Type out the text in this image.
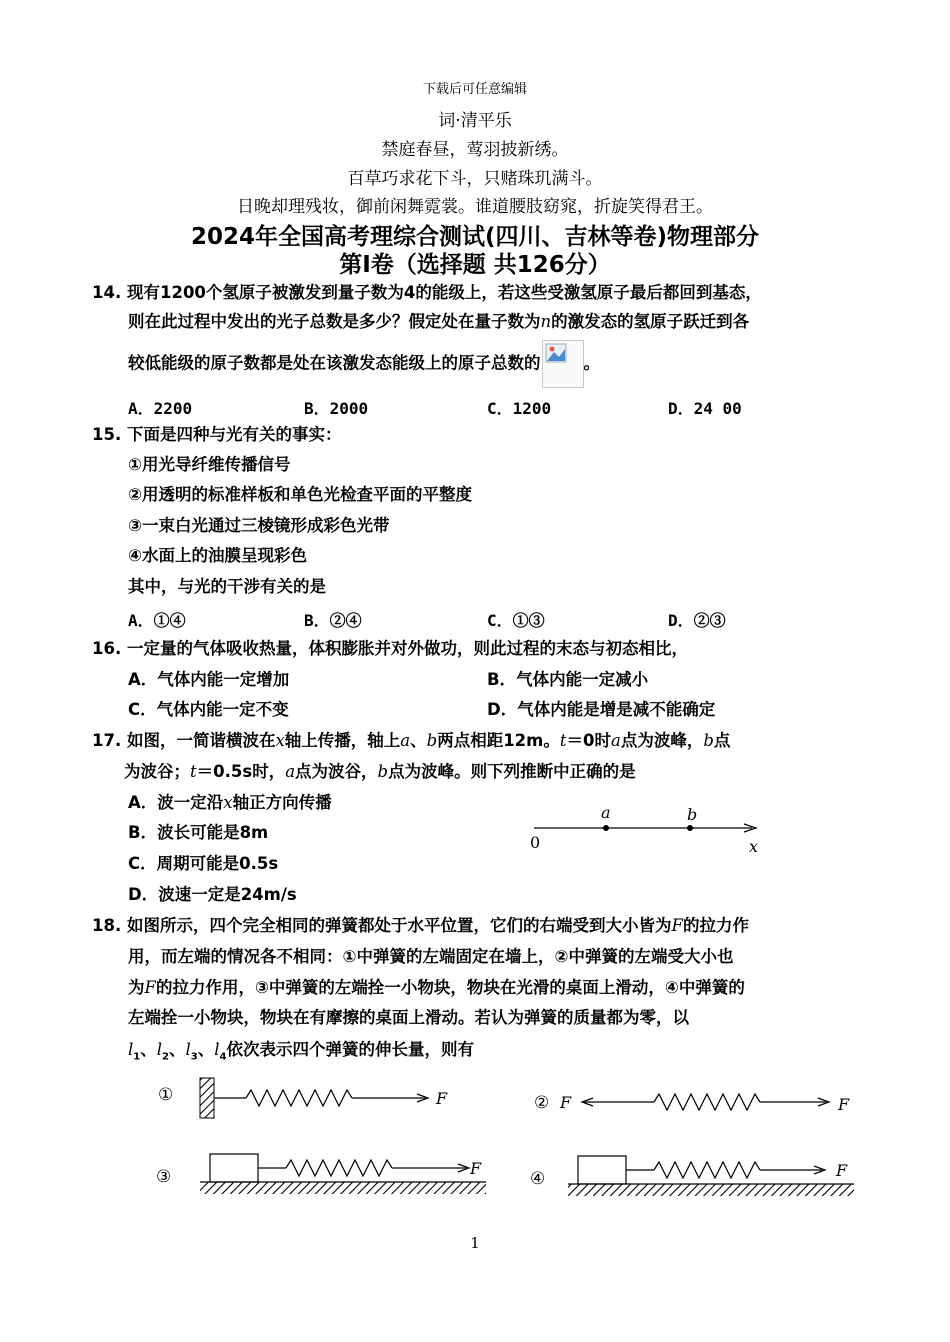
下载后可任意编辑
词·清平乐
禁庭春昼，莺羽披新绣。
百草巧求花下斗，只赌珠玑满斗。
日晚却理残妆，御前闲舞霓裳。谁道腰肢窈窕，折旋笑得君王。
2024年全国高考理综合测试(四川、吉林等卷)物理部分
第Ⅰ卷（选择题 共126分）
14. 现有1200个氢原子被激发到量子数为4的能级上，若这些受激氢原子最后都回到基态，
则在此过程中发出的光子总数是多少？假定处在量子数为n的激发态的氢原子跃迁到各
较低能级的原子数都是处在该激发态能级上的原子总数的	。
A．2200	B．2000	C．1200	D．24 00
15. 下面是四种与光有关的事实：
①用光导纤维传播信号
②用透明的标准样板和单色光检查平面的平整度
③一束白光通过三棱镜形成彩色光带
④水面上的油膜呈现彩色
其中，与光的干涉有关的是
A．①④	B．②④	C．①③	D．②③
16. 一定量的气体吸收热量，体积膨胀并对外做功，则此过程的末态与初态相比，
A．气体内能一定增加	B．气体内能一定减小
C．气体内能一定不变	D．气体内能是增是减不能确定
17. 如图，一简谐横波在x轴上传播，轴上a、b两点相距12m。t＝0时a点为波峰，b点
为波谷；t＝0.5s时，a点为波谷，b点为波峰。则下列推断中正确的是
A．波一定沿x轴正方向传播
B．波长可能是8m
C．周期可能是0.5s
D．波速一定是24m/s
0
a	b
x
18. 如图所示，四个完全相同的弹簧都处于水平位置，它们的右端受到大小皆为F的拉力作
用，而左端的情况各不相同：①中弹簧的左端固定在墙上，②中弹簧的左端受大小也
为F的拉力作用，③中弹簧的左端拴一小物块，物块在光滑的桌面上滑动，④中弹簧的
左端拴一小物块，物块在有摩擦的桌面上滑动。若认为弹簧的质量都为零，以
$l_1$、$l_2$、$l_3$、$l_4$依次表示四个弹簧的伸长量，则有
①	F	② F	F
③	F
④	F
1
